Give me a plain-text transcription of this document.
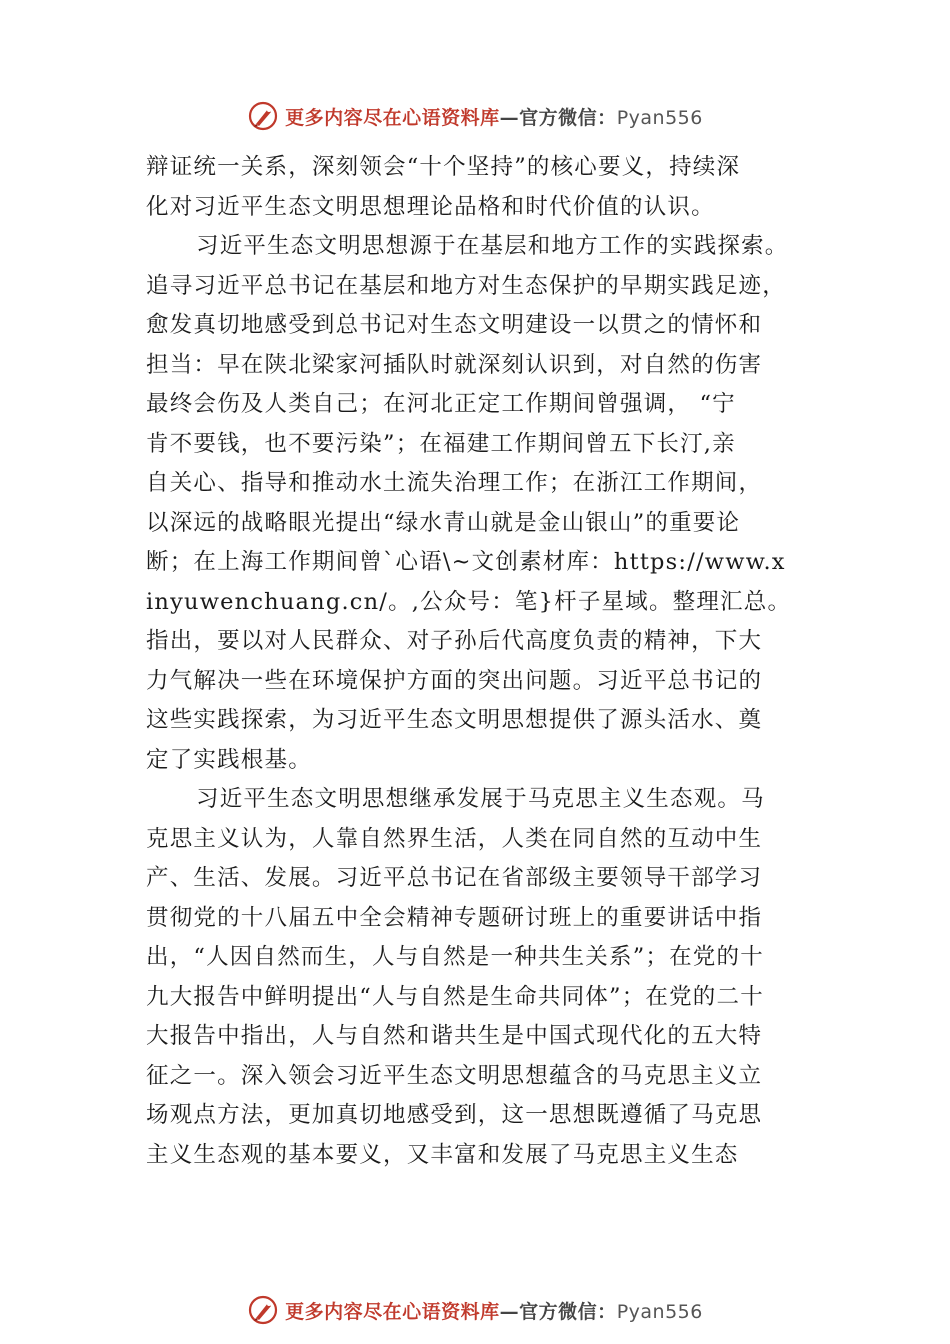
更多内容尽在心语资料库—官方微信：Pyan556
辩证统一关系，深刻领会“十个坚持”的核心要义，持续深
化对习近平生态文明思想理论品格和时代价值的认识。
习近平生态文明思想源于在基层和地方工作的实践探索。
追寻习近平总书记在基层和地方对生态保护的早期实践足迹，
愈发真切地感受到总书记对生态文明建设一以贯之的情怀和
担当：早在陕北梁家河插队时就深刻认识到，对自然的伤害
最终会伤及人类自己；在河北正定工作期间曾强调， “宁
肯不要钱，也不要污染”；在福建工作期间曾五下长汀,亲
自关心、指导和推动水土流失治理工作；在浙江工作期间，
以深远的战略眼光提出“绿水青山就是金山银山”的重要论
断；在上海工作期间曾`心语\~文创素材库：https://www.x
inyuwenchuang.cn/。,公众号：笔}杆子星域。整理汇总。
指出，要以对人民群众、对子孙后代高度负责的精神，下大
力气解决一些在环境保护方面的突出问题。习近平总书记的
这些实践探索，为习近平生态文明思想提供了源头活水、奠
定了实践根基。
习近平生态文明思想继承发展于马克思主义生态观。马
克思主义认为，人靠自然界生活，人类在同自然的互动中生
产、生活、发展。习近平总书记在省部级主要领导干部学习
贯彻党的十八届五中全会精神专题研讨班上的重要讲话中指
出，“人因自然而生，人与自然是一种共生关系”；在党的十
九大报告中鲜明提出“人与自然是生命共同体”；在党的二十
大报告中指出，人与自然和谐共生是中国式现代化的五大特
征之一。深入领会习近平生态文明思想蕴含的马克思主义立
场观点方法，更加真切地感受到，这一思想既遵循了马克思
主义生态观的基本要义，又丰富和发展了马克思主义生态
更多内容尽在心语资料库—官方微信：Pyan556
